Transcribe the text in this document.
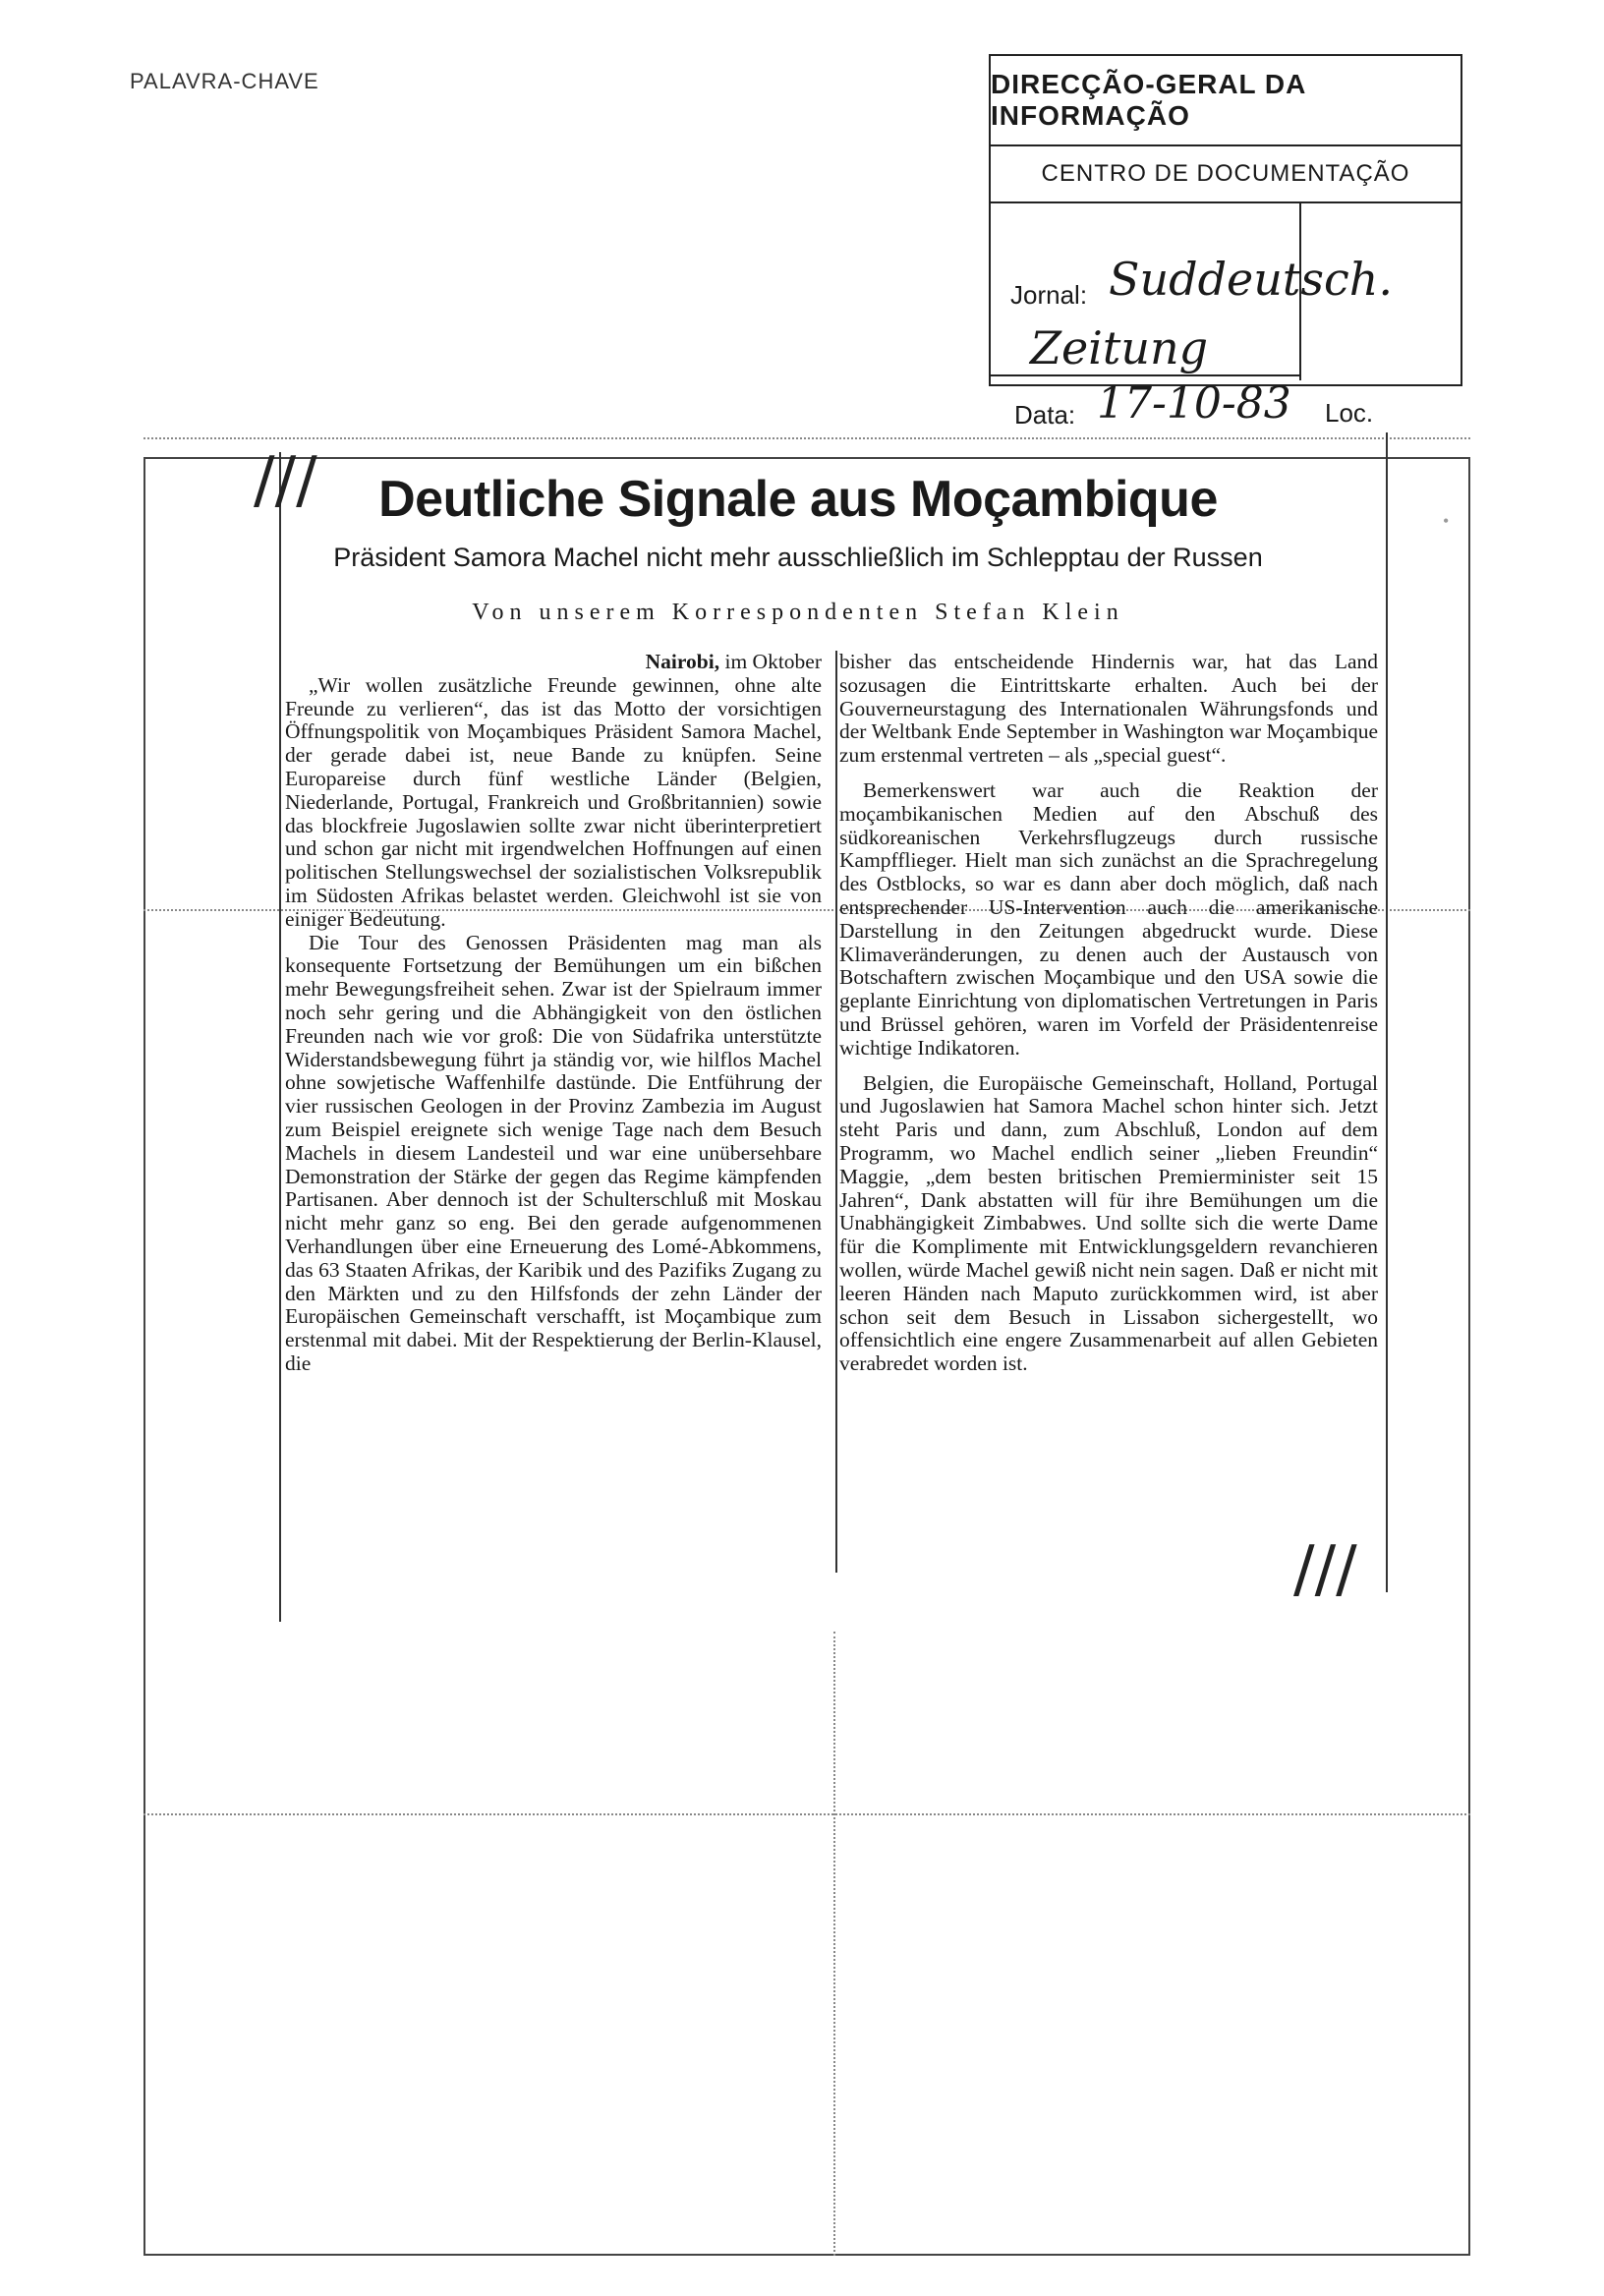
PALAVRA-CHAVE	DIRECÇÃO-GERAL DA INFORMAÇÃO
CENTRO DE DOCUMENTAÇÃO
Jornal: Suddeutsch.
Zeitung
Data: 17-10-83 Loc.
///
///
•
Deutliche Signale aus Moçambique
Präsident Samora Machel nicht mehr ausschließlich im Schlepptau der Russen
Von unserem Korrespondenten Stefan Klein

Nairobi, im Oktober

„Wir wollen zusätzliche Freunde gewinnen, ohne alte Freunde zu verlieren“, das ist das Motto der vorsichtigen Öffnungspolitik von Moçambiques Präsident Samora Machel, der gerade dabei ist, neue Bande zu knüpfen. Seine Europareise durch fünf westliche Länder (Belgien, Niederlande, Portugal, Frankreich und Großbritannien) sowie das blockfreie Jugoslawien sollte zwar nicht überinterpretiert und schon gar nicht mit irgendwelchen Hoffnungen auf einen politischen Stellungswechsel der sozialistischen Volksrepublik im Südosten Afrikas belastet werden. Gleichwohl ist sie von einiger Bedeutung.

Die Tour des Genossen Präsidenten mag man als konsequente Fortsetzung der Bemühungen um ein bißchen mehr Bewegungsfreiheit sehen. Zwar ist der Spielraum immer noch sehr gering und die Abhängigkeit von den östlichen Freunden nach wie vor groß: Die von Südafrika unterstützte Widerstandsbewegung führt ja ständig vor, wie hilflos Machel ohne sowjetische Waffenhilfe dastünde. Die Entführung der vier russischen Geologen in der Provinz Zambezia im August zum Beispiel ereignete sich wenige Tage nach dem Besuch Machels in diesem Landesteil und war eine unübersehbare Demonstration der Stärke der gegen das Regime kämpfenden Partisanen. Aber dennoch ist der Schulterschluß mit Moskau nicht mehr ganz so eng. Bei den gerade aufgenommenen Verhandlungen über eine Erneuerung des Lomé-Abkommens, das 63 Staaten Afrikas, der Karibik und des Pazifiks Zugang zu den Märkten und zu den Hilfsfonds der zehn Länder der Europäischen Gemeinschaft verschafft, ist Moçambique zum erstenmal mit dabei. Mit der Respektierung der Berlin-Klausel, die

bisher das entscheidende Hindernis war, hat das Land sozusagen die Eintrittskarte erhalten. Auch bei der Gouverneurstagung des Internationalen Währungsfonds und der Weltbank Ende September in Washington war Moçambique zum erstenmal vertreten – als „special guest“.

Bemerkenswert war auch die Reaktion der moçambikanischen Medien auf den Abschuß des südkoreanischen Verkehrsflugzeugs durch russische Kampfflieger. Hielt man sich zunächst an die Sprachregelung des Ostblocks, so war es dann aber doch möglich, daß nach entsprechender US-Intervention auch die amerikanische Darstellung in den Zeitungen abgedruckt wurde. Diese Klimaveränderungen, zu denen auch der Austausch von Botschaftern zwischen Moçambique und den USA sowie die geplante Einrichtung von diplomatischen Vertretungen in Paris und Brüssel gehören, waren im Vorfeld der Präsidentenreise wichtige Indikatoren.

Belgien, die Europäische Gemeinschaft, Holland, Portugal und Jugoslawien hat Samora Machel schon hinter sich. Jetzt steht Paris und dann, zum Abschluß, London auf dem Programm, wo Machel endlich seiner „lieben Freundin“ Maggie, „dem besten britischen Premierminister seit 15 Jahren“, Dank abstatten will für ihre Bemühungen um die Unabhängigkeit Zimbabwes. Und sollte sich die werte Dame für die Komplimente mit Entwicklungsgeldern revanchieren wollen, würde Machel gewiß nicht nein sagen. Daß er nicht mit leeren Händen nach Maputo zurückkommen wird, ist aber schon seit dem Besuch in Lissabon sichergestellt, wo offensichtlich eine engere Zusammenarbeit auf allen Gebieten verabredet worden ist.
